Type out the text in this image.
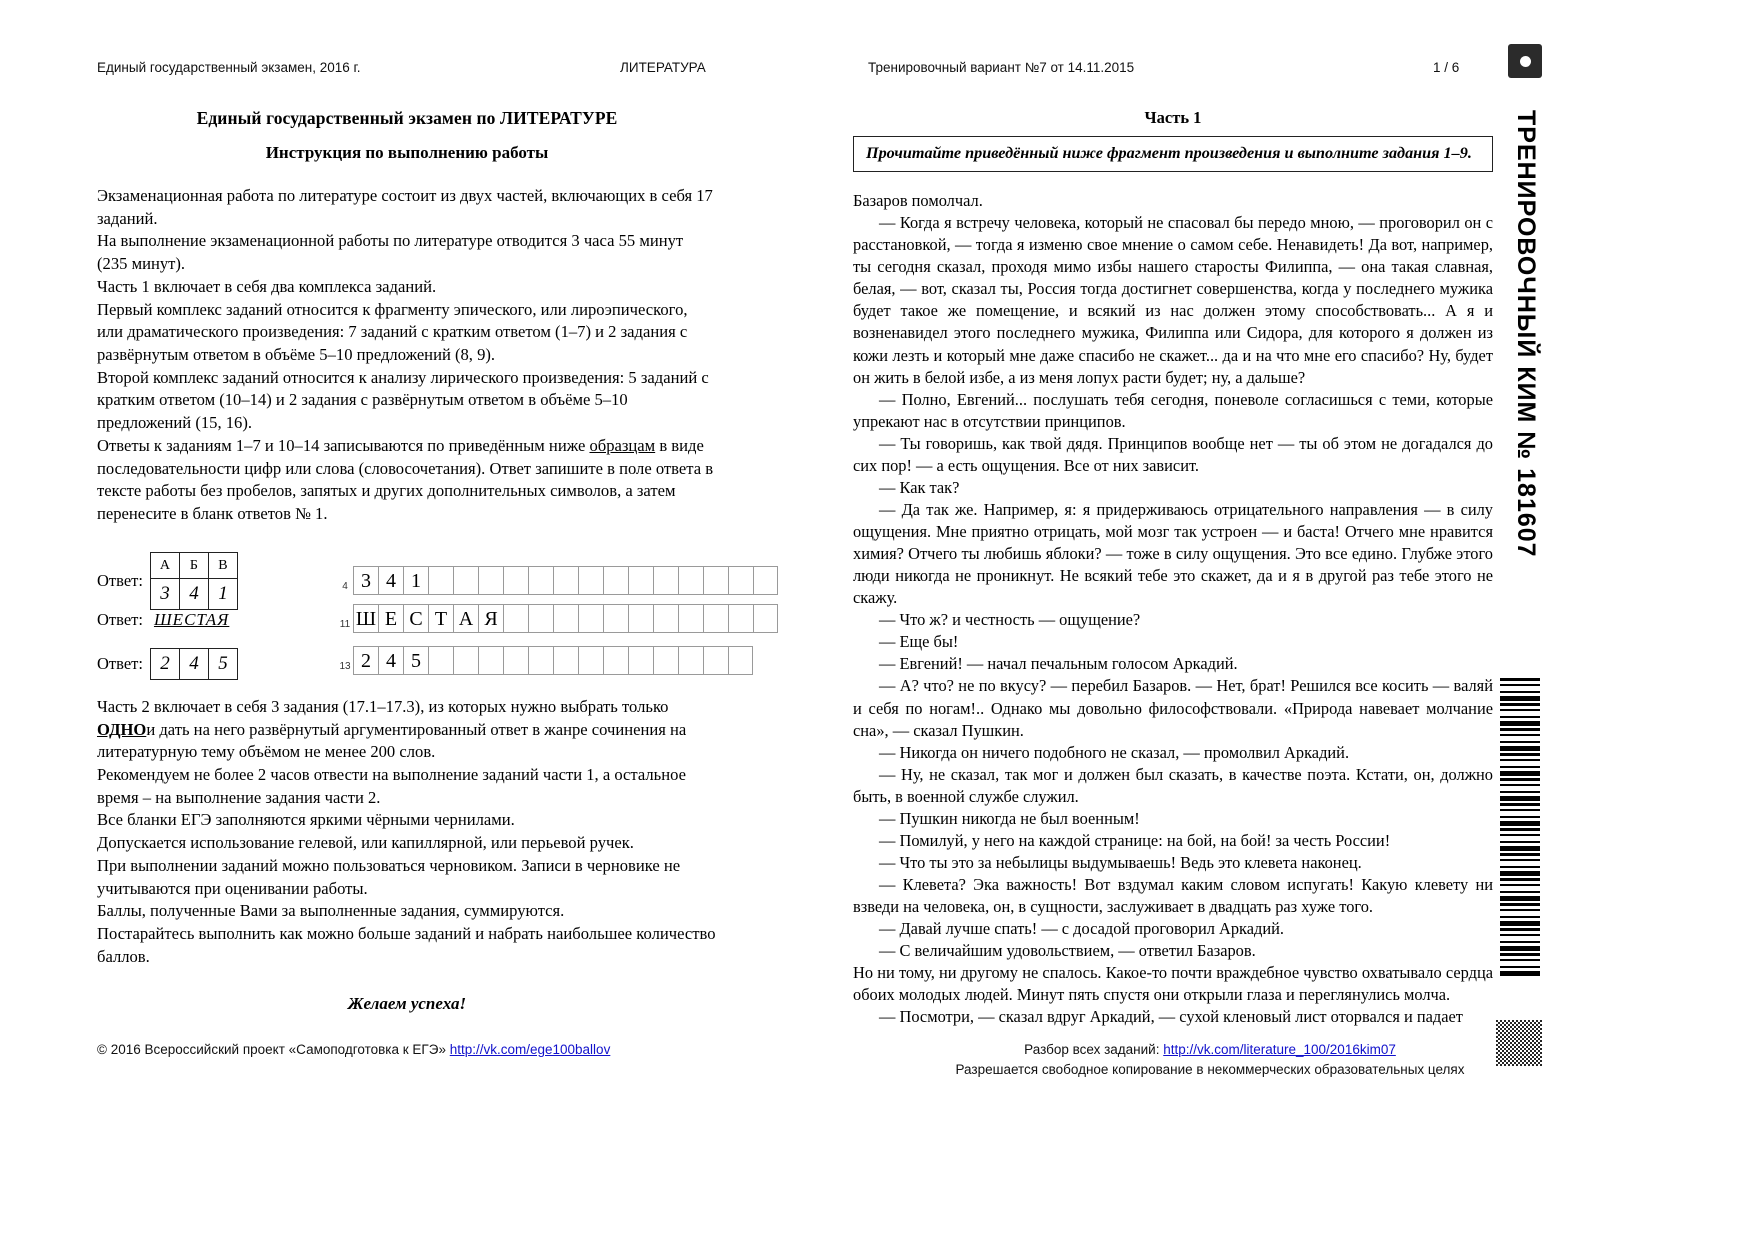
Единый государственный экзамен, 2016 г.	ЛИТЕРАТУРА	Тренировочный вариант №7 от 14.11.2015	1 / 6
Единый государственный экзамен по ЛИТЕРАТУРЕ
Инструкция по выполнению работы

Экзаменационная работа по литературе состоит из двух частей, включающих в себя 17 заданий.

На выполнение экзаменационной работы по литературе отводится 3 часа 55 минут (235 минут).

Часть 1 включает в себя два комплекса заданий.

Первый комплекс заданий относится к фрагменту эпического, или лироэпического, или драматического произведения: 7 заданий с кратким ответом (1–7) и 2 задания с развёрнутым ответом в объёме 5–10 предложений (8, 9).

Второй комплекс заданий относится к анализу лирического произведения: 5 заданий с кратким ответом (10–14) и 2 задания с развёрнутым ответом в объёме 5–10 предложений (15, 16).

Ответы к заданиям 1–7 и 10–14 записываются по приведённым ниже образцам в виде последовательности цифр или слова (словосочетания). Ответ запишите в поле ответа в тексте работы без пробелов, запятых и других дополнительных символов, а затем перенесите в бланк ответов № 1.

Ответ:
А	Б	В
3	4	1	4 3 4 1
Ответ: ШЕСТАЯ	11 Ш Е С Т А Я
Ответ: 2	4	5	13 2 4 5

Часть 2 включает в себя 3 задания (17.1–17.3), из которых нужно выбрать только ОДНОи дать на него развёрнутый аргументированный ответ в жанре сочинения на литературную тему объёмом не менее 200 слов.

Рекомендуем не более 2 часов отвести на выполнение заданий части 1, а остальное время – на выполнение задания части 2.

Все бланки ЕГЭ заполняются яркими чёрными чернилами.

Допускается использование гелевой, или капиллярной, или перьевой ручек.

При выполнении заданий можно пользоваться черновиком. Записи в черновике не учитываются при оценивании работы.

Баллы, полученные Вами за выполненные задания, суммируются.

Постарайтесь выполнить как можно больше заданий и набрать наибольшее количество баллов.

Желаем успеха!
Часть 1
Прочитайте приведённый ниже фрагмент произведения и выполните задания 1–9.

Базаров помолчал.

— Когда я встречу человека, который не спасовал бы передо мною, — проговорил он с расстановкой, — тогда я изменю свое мнение о самом себе. Ненавидеть! Да вот, например, ты сегодня сказал, проходя мимо избы нашего старосты Филиппа, — она такая славная, белая, — вот, сказал ты, Россия тогда достигнет совершенства, когда у последнего мужика будет такое же помещение, и всякий из нас должен этому способствовать... А я и возненавидел этого последнего мужика, Филиппа или Сидора, для которого я должен из кожи лезть и который мне даже спасибо не скажет... да и на что мне его спасибо? Ну, будет он жить в белой избе, а из меня лопух расти будет; ну, а дальше?

— Полно, Евгений... послушать тебя сегодня, поневоле согласишься с теми, которые упрекают нас в отсутствии принципов.

— Ты говоришь, как твой дядя. Принципов вообще нет — ты об этом не догадался до сих пор! — а есть ощущения. Все от них зависит.

— Как так?

— Да так же. Например, я: я придерживаюсь отрицательного направления — в силу ощущения. Мне приятно отрицать, мой мозг так устроен — и баста! Отчего мне нравится химия? Отчего ты любишь яблоки? — тоже в силу ощущения. Это все едино. Глубже этого люди никогда не проникнут. Не всякий тебе это скажет, да и я в другой раз тебе этого не скажу.

— Что ж? и честность — ощущение?

— Еще бы!

— Евгений! — начал печальным голосом Аркадий.

— А? что? не по вкусу? — перебил Базаров. — Нет, брат! Решился все косить — валяй и себя по ногам!.. Однако мы довольно философствовали. «Природа навевает молчание сна», — сказал Пушкин.

— Никогда он ничего подобного не сказал, — промолвил Аркадий.

— Ну, не сказал, так мог и должен был сказать, в качестве поэта. Кстати, он, должно быть, в военной службе служил.

— Пушкин никогда не был военным!

— Помилуй, у него на каждой странице: на бой, на бой! за честь России!

— Что ты это за небылицы выдумываешь! Ведь это клевета наконец.

— Клевета? Эка важность! Вот вздумал каким словом испугать! Какую клевету ни взведи на человека, он, в сущности, заслуживает в двадцать раз хуже того.

— Давай лучше спать! — с досадой проговорил Аркадий.

— С величайшим удовольствием, — ответил Базаров.

Но ни тому, ни другому не спалось. Какое-то почти враждебное чувство охватывало сердца обоих молодых людей. Минут пять спустя они открыли глаза и переглянулись молча.

— Посмотри, — сказал вдруг Аркадий, — сухой кленовый лист оторвался и падает

ТРЕНИРОВОЧНЫЙ КИМ № 181607
© 2016 Всероссийский проект «Самоподготовка к ЕГЭ» http://vk.com/ege100ballov	Разбор всех заданий: http://vk.com/literature_100/2016kim07
Разрешается свободное копирование в некоммерческих образовательных целях
